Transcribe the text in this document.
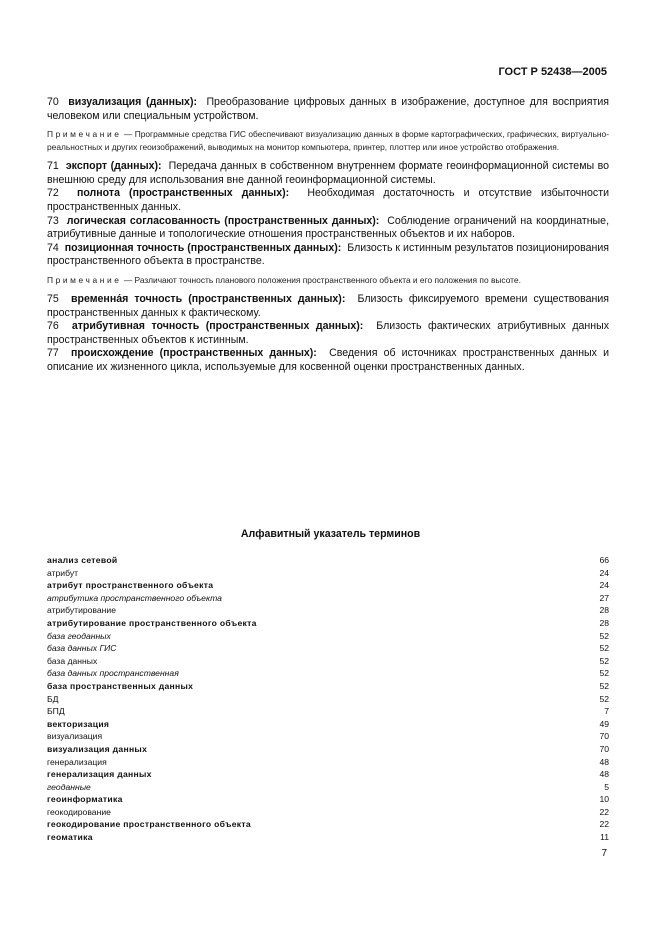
ГОСТ Р 52438—2005

70 визуализация (данных): Преобразование цифровых данных в изображение, доступное для восприятия человеком или специальным устройством.

Примечание — Программные средства ГИС обеспечивают визуализацию данных в форме картографических, графических, виртуально-реальностных и других геоизображений, выводимых на монитор компьютера, принтер, плоттер или иное устройство отображения.

71 экспорт (данных): Передача данных в собственном внутреннем формате геоинформационной системы во внешнюю среду для использования вне данной геоинформационной системы.

72 полнота (пространственных данных): Необходимая достаточность и отсутствие избыточности пространственных данных.

73 логическая согласованность (пространственных данных): Соблюдение ограничений на координатные, атрибутивные данные и топологические отношения пространственных объектов и их наборов.

74 позиционная точность (пространственных данных): Близость к истинным результатов позиционирования пространственного объекта в пространстве.

Примечание — Различают точность планового положения пространственного объекта и его положения по высоте.

75 временна́я точность (пространственных данных): Близость фиксируемого времени существования пространственных данных к фактическому.

76 атрибутивная точность (пространственных данных): Близость фактических атрибутивных данных пространственных объектов к истинным.

77 происхождение (пространственных данных): Сведения об источниках пространственных данных и описание их жизненного цикла, используемые для косвенной оценки пространственных данных.

Алфавитный указатель терминов
анализ сетевой	66
атрибут	24
атрибут пространственного объекта	24
атрибутика пространственного объекта	27
атрибутирование	28
атрибутирование пространственного объекта	28
база геоданных	52
база данных ГИС	52
база данных	52
база данных пространственная	52
база пространственных данных	52
БД	52
БПД	7
векторизация	49
визуализация	70
визуализация данных	70
генерализация	48
генерализация данных	48
геоданные	5
геоинформатика	10
геокодирование	22
геокодирование пространственного объекта	22
геоматика	11
7
